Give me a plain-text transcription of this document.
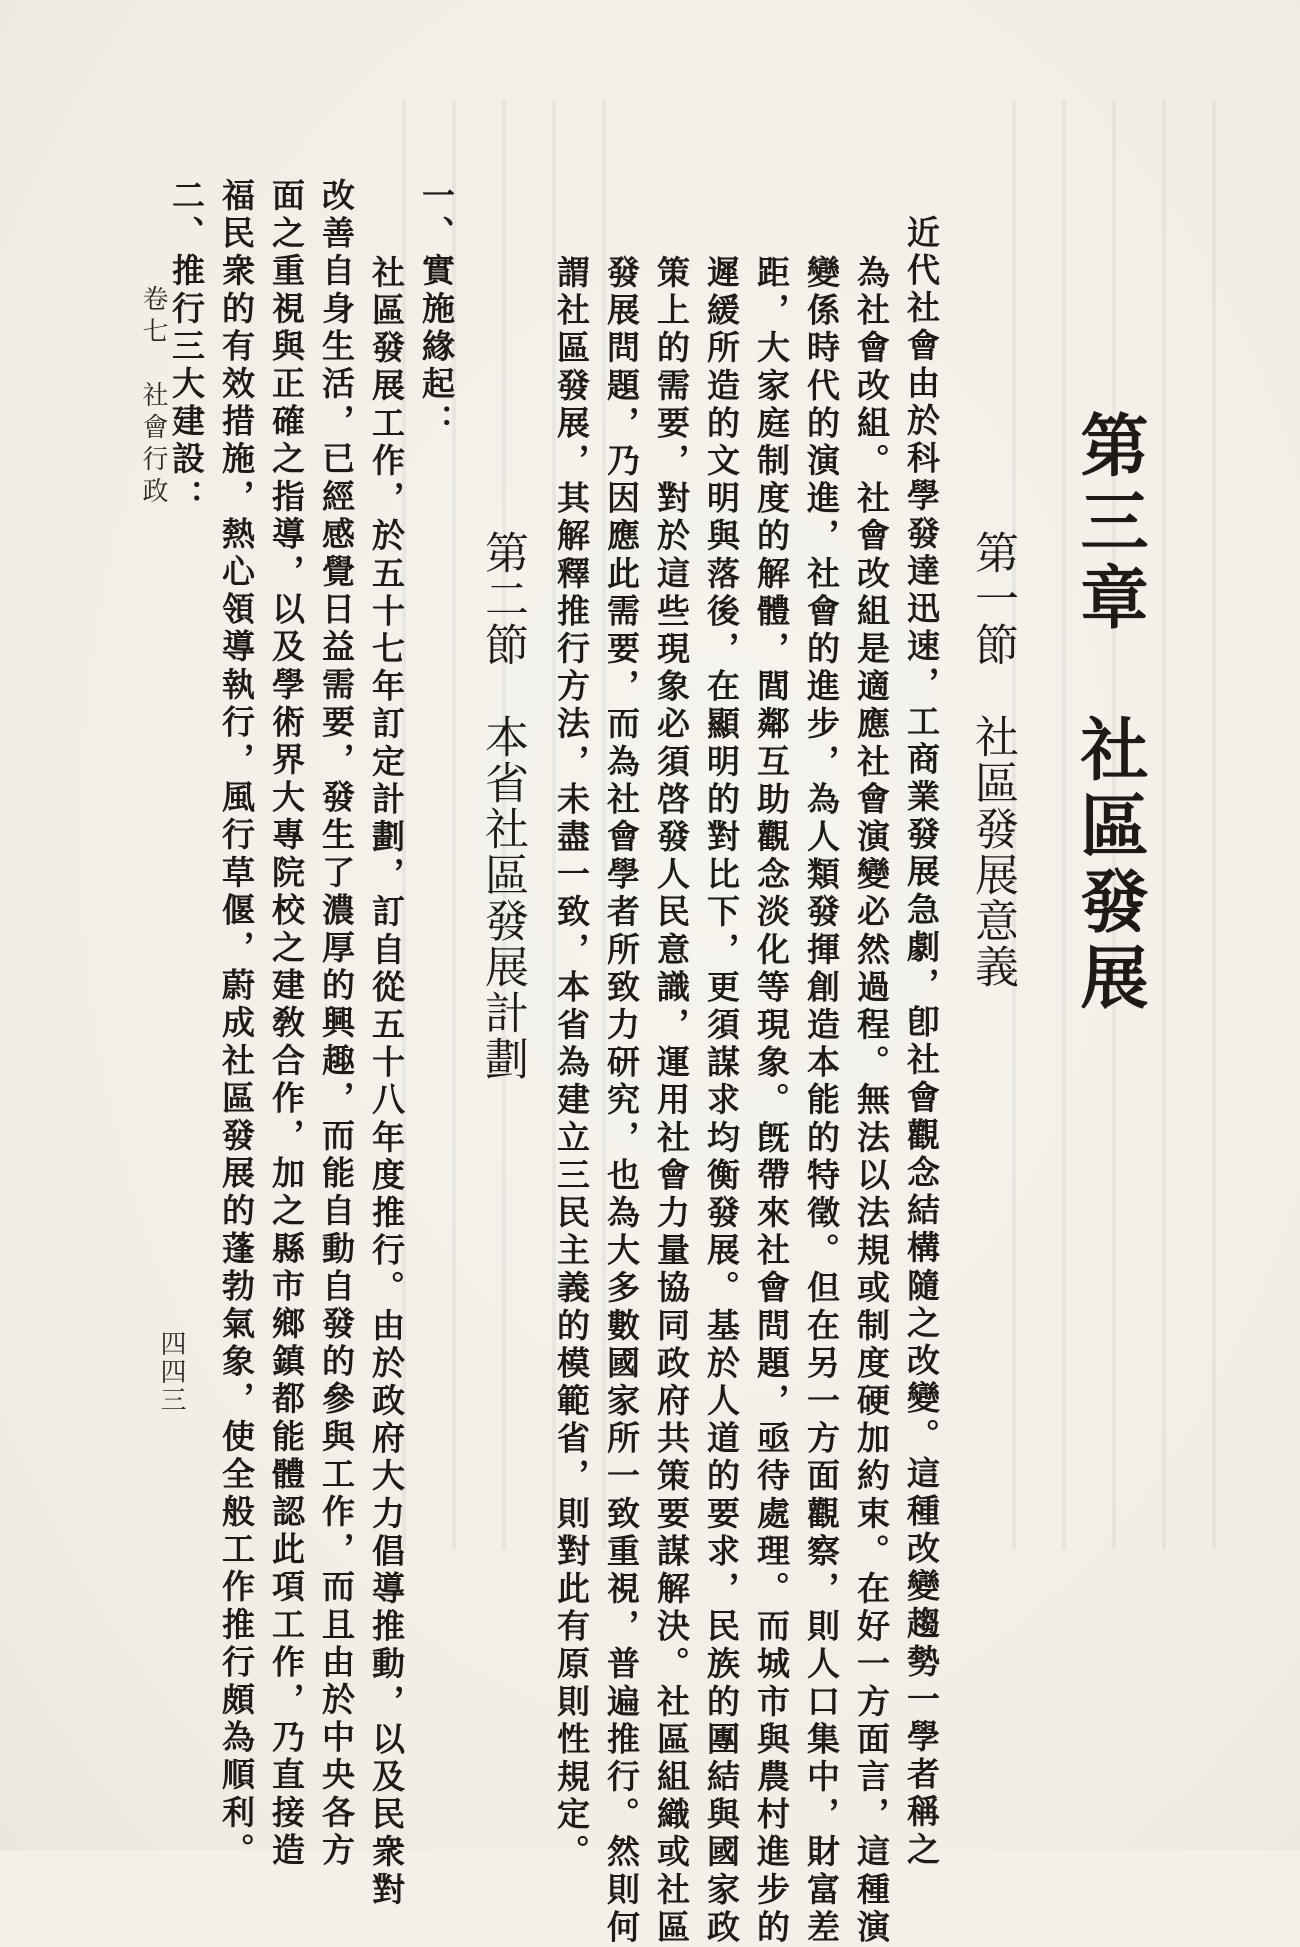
第三章　社區發展
第一節　社區發展意義
近代社會由於科學發達迅速，工商業發展急劇，卽社會觀念結構隨之改變。這種改變趨勢一學者稱之
為社會改組。社會改組是適應社會演變必然過程。無法以法規或制度硬加約束。在好一方面言，這種演
變係時代的演進，社會的進步，為人類發揮創造本能的特徵。但在另一方面觀察，則人口集中，財富差
距，大家庭制度的解體，閭鄰互助觀念淡化等現象。旣帶來社會問題，亟待處理。而城市與農村進步的
遲緩所造的文明與落後，在顯明的對比下，更須謀求均衡發展。基於人道的要求，民族的團結與國家政
策上的需要，對於這些現象必須啓發人民意識，運用社會力量協同政府共策要謀解決。社區組織或社區
發展問題，乃因應此需要，而為社會學者所致力研究，也為大多數國家所一致重視，普遍推行。然則何
謂社區發展，其解釋推行方法，未盡一致，本省為建立三民主義的模範省，則對此有原則性規定。
第二節　本省社區發展計劃
一、實施緣起：
社區發展工作，於五十七年訂定計劃，訂自從五十八年度推行。由於政府大力倡導推動，以及民衆對
改善自身生活，已經感覺日益需要，發生了濃厚的興趣，而能自動自發的參與工作，而且由於中央各方
面之重視與正確之指導，以及學術界大專院校之建敎合作，加之縣市鄉鎮都能體認此項工作，乃直接造
福民衆的有效措施，熱心領導執行，風行草偃，蔚成社區發展的蓬勃氣象，使全般工作推行頗為順利。
二、推行三大建設：
卷七　社會行政
四四三
